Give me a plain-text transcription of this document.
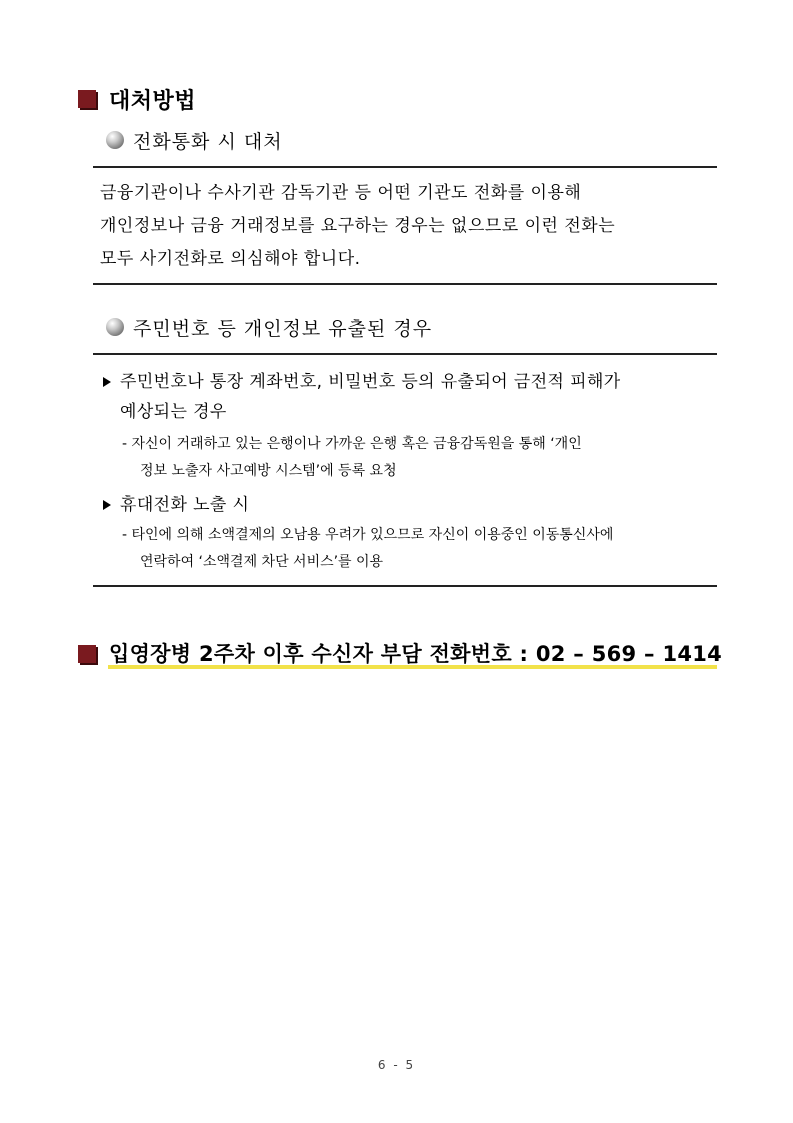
대처방법
전화통화 시 대처
금융기관이나 수사기관 감독기관 등 어떤 기관도 전화를 이용해
개인정보나 금융 거래정보를 요구하는 경우는 없으므로 이런 전화는
모두 사기전화로 의심해야 합니다.
주민번호 등 개인정보 유출된 경우
주민번호나 통장 계좌번호, 비밀번호 등의 유출되어 금전적 피해가
예상되는 경우
- 자신이 거래하고 있는 은행이나 가까운 은행 혹은 금융감독원을 통해 ‘개인
정보 노출자 사고예방 시스템’에 등록 요청
휴대전화 노출 시
- 타인에 의해 소액결제의 오남용 우려가 있으므로 자신이 이용중인 이동통신사에
연락하여 ‘소액결제 차단 서비스’를 이용
입영장병 2주차 이후 수신자 부담 전화번호 : 02 – 569 – 1414
6 - 5
